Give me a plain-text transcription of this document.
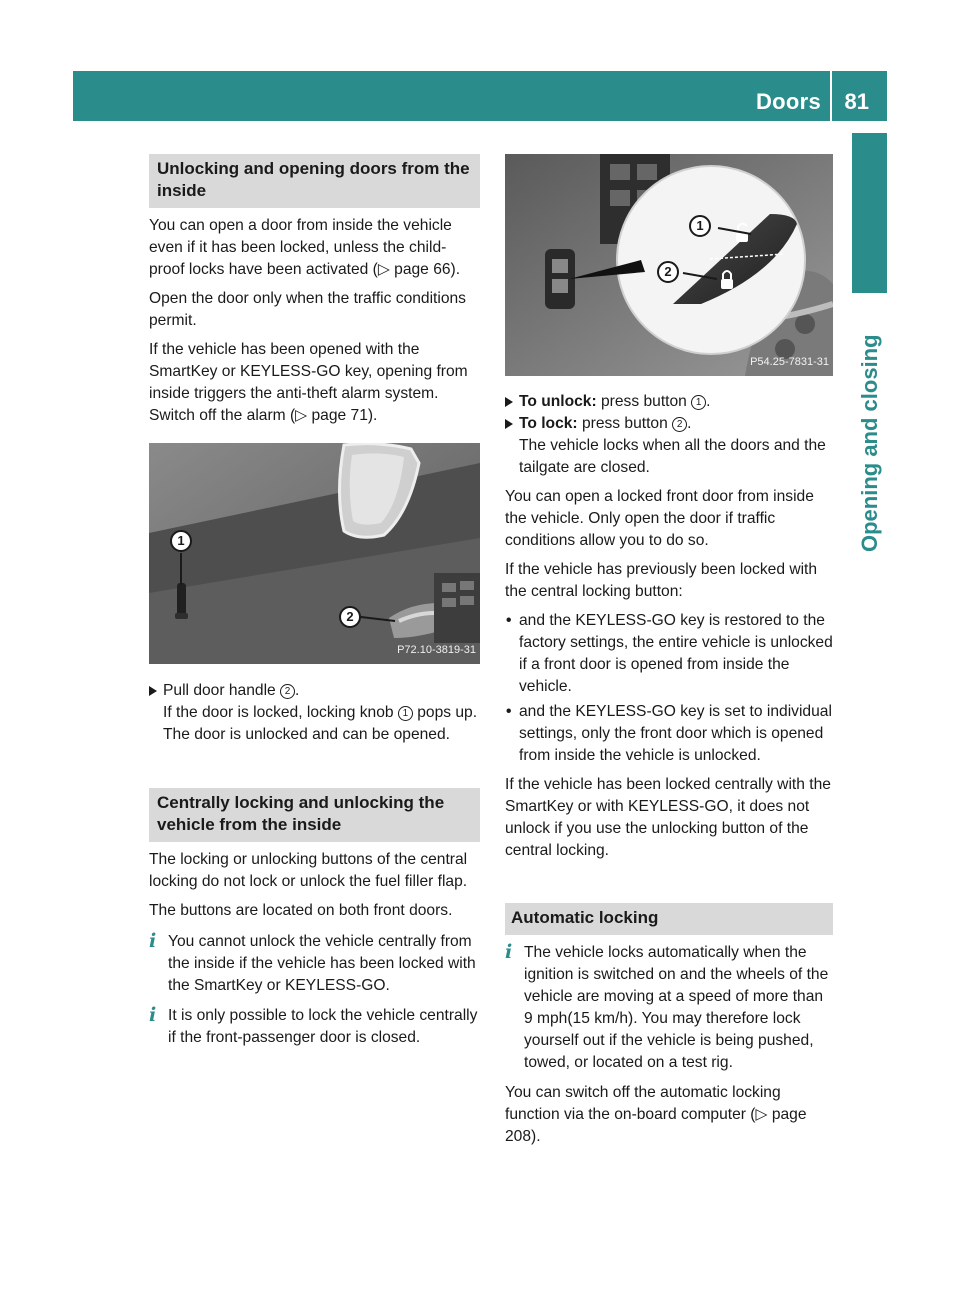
Doors 81
Opening and closing
Unlocking and opening doors from the inside

You can open a door from inside the vehicle even if it has been locked, unless the child-proof locks have been activated (▷ page 66).

Open the door only when the traffic conditions permit.

If the vehicle has been opened with the SmartKey or KEYLESS-GO key, opening from inside triggers the anti-theft alarm system. Switch off the alarm (▷ page 71).

1
2
P72.10-3819-31
Pull door handle 2 .
If the door is locked, locking knob 1 pops up. The door is unlocked and can be opened.
Centrally locking and unlocking the vehicle from the inside

The locking or unlocking buttons of the central locking do not lock or unlock the fuel filler flap.

The buttons are located on both front doors.

i You cannot unlock the vehicle centrally from the inside if the vehicle has been locked with the SmartKey or KEYLESS-GO.
i It is only possible to lock the vehicle centrally if the front-passenger door is closed.
1
2
P54.25-7831-31
To unlock: press button 1 .
To lock: press button 2 .
The vehicle locks when all the doors and the tailgate are closed.

You can open a locked front door from inside the vehicle. Only open the door if traffic conditions allow you to do so.

If the vehicle has previously been locked with the central locking button:

• and the KEYLESS-GO key is restored to the factory settings, the entire vehicle is unlocked if a front door is opened from inside the vehicle.
• and the KEYLESS-GO key is set to individual settings, only the front door which is opened from inside the vehicle is unlocked.

If the vehicle has been locked centrally with the SmartKey or with KEYLESS-GO, it does not unlock if you use the unlocking button of the central locking.

Automatic locking
i The vehicle locks automatically when the ignition is switched on and the wheels of the vehicle are moving at a speed of more than 9 mph(15 km/h). You may therefore lock yourself out if the vehicle is being pushed, towed, or located on a test rig.

You can switch off the automatic locking function via the on-board computer (▷ page 208).
